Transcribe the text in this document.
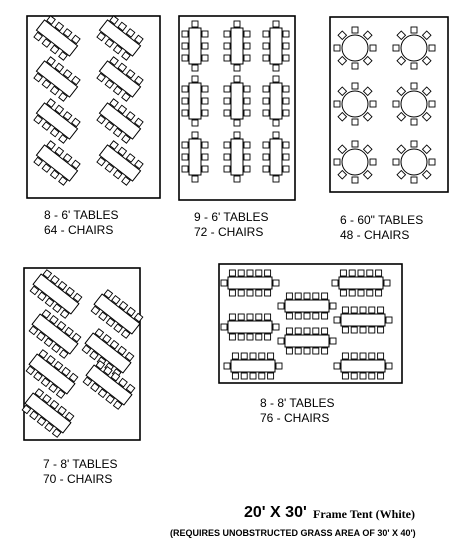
8 - 6' TABLES
64 - CHAIRS
9 - 6' TABLES
72 - CHAIRS
6 - 60" TABLES
48 - CHAIRS
7 - 8' TABLES
70 - CHAIRS
8 - 8' TABLES
76 - CHAIRS
20' X 30' Frame Tent (White)
(REQUIRES UNOBSTRUCTED GRASS AREA OF 30' X 40')
